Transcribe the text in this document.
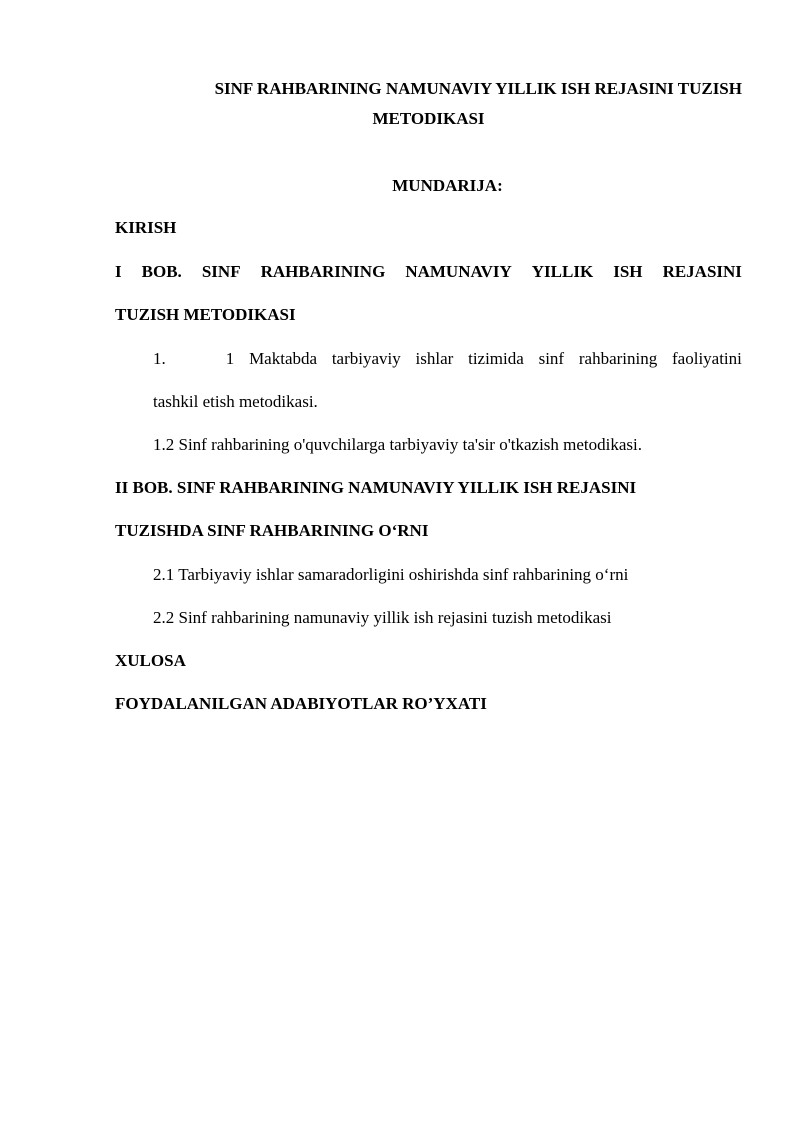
SINF RAHBARINING NAMUNAVIY YILLIK ISH REJASINI TUZISH
METODIKASI
MUNDARIJA:

KIRISH

I BOB. SINF RAHBARINING NAMUNAVIY YILLIK ISH REJASINI

TUZISH METODIKASI

1.	1 Maktabda tarbiyaviy ishlar tizimida sinf rahbarining faoliyatini

tashkil etish metodikasi.

1.2 Sinf rahbarining o'quvchilarga tarbiyaviy ta'sir o'tkazish metodikasi.

II BOB. SINF RAHBARINING NAMUNAVIY YILLIK ISH REJASINI

TUZISHDA SINF RAHBARINING O‘RNI

2.1 Tarbiyaviy ishlar samaradorligini oshirishda sinf rahbarining o‘rni

2.2 Sinf rahbarining namunaviy yillik ish rejasini tuzish metodikasi

XULOSA

FOYDALANILGAN ADABIYOTLAR RO’YXATI
